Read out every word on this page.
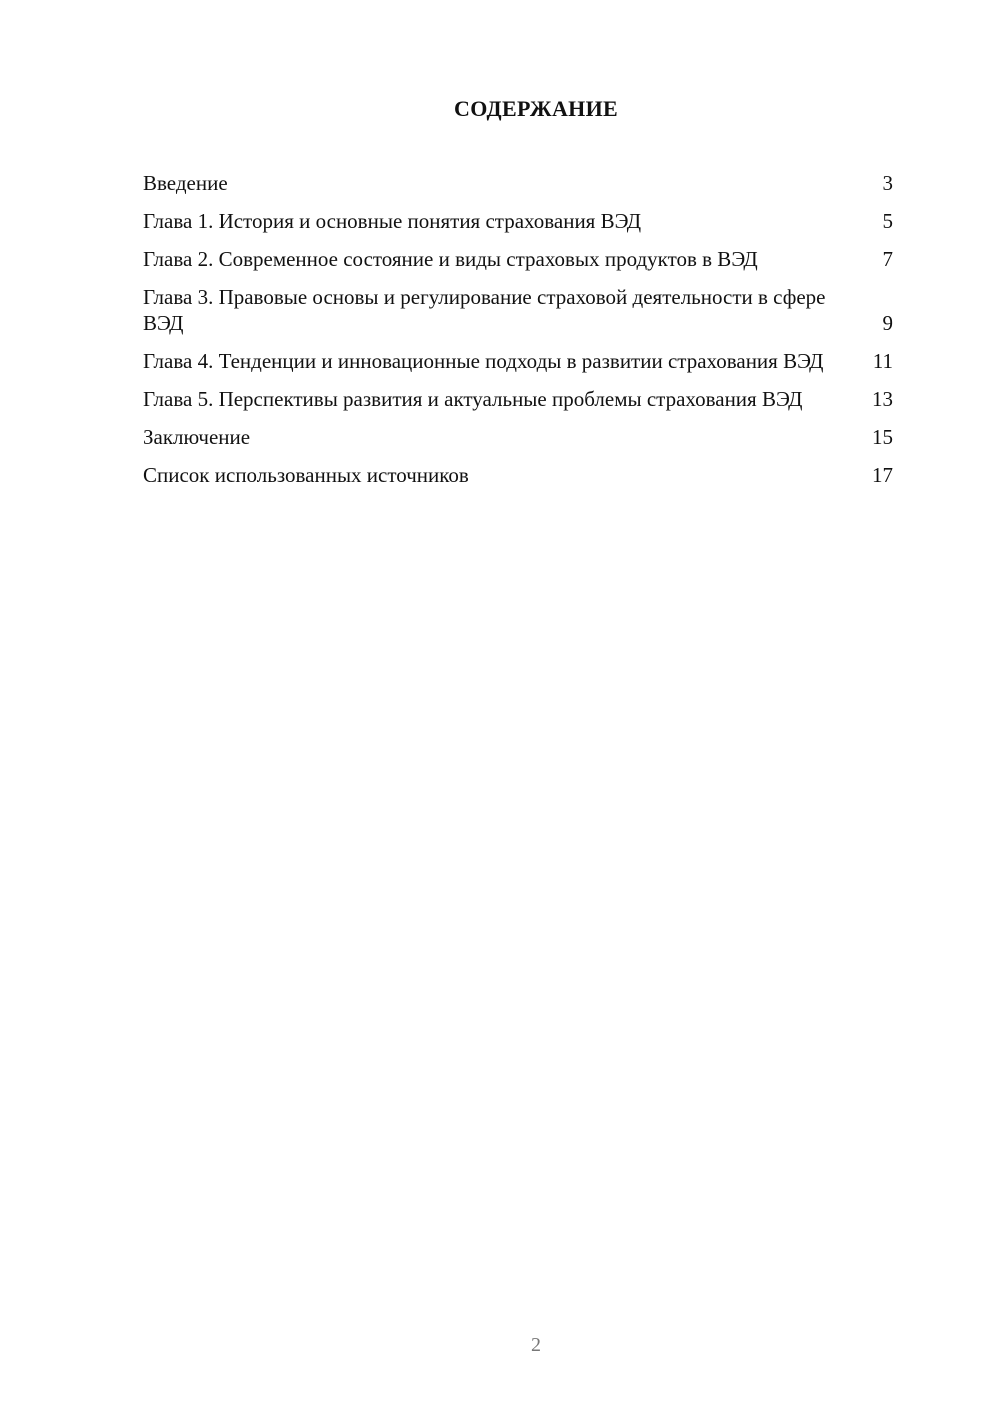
СОДЕРЖАНИЕ
Введение	3
Глава 1. История и основные понятия страхования ВЭД	5
Глава 2. Современное состояние и виды страховых продуктов в ВЭД	7
Глава 3. Правовые основы и регулирование страховой деятельности в сфере ВЭД	9
Глава 4. Тенденции и инновационные подходы в развитии страхования ВЭД	11
Глава 5. Перспективы развития и актуальные проблемы страхования ВЭД	13
Заключение	15
Список использованных источников	17
2
